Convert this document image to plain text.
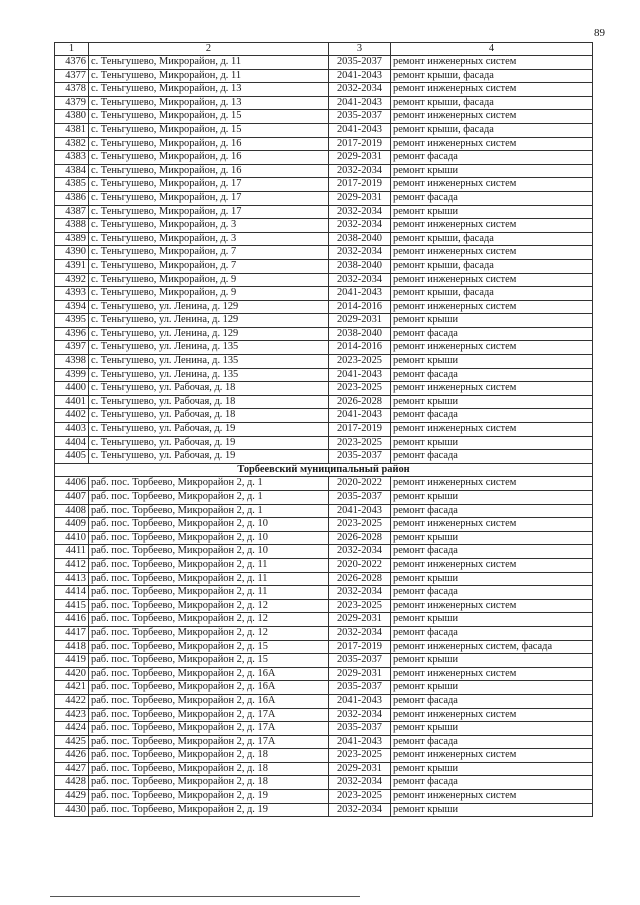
89
1	2	3	4
4376	с. Теньгушево, Микрорайон, д. 11	2035-2037	ремонт инженерных систем
4377	с. Теньгушево, Микрорайон, д. 11	2041-2043	ремонт крыши, фасада
4378	с. Теньгушево, Микрорайон, д. 13	2032-2034	ремонт инженерных систем
4379	с. Теньгушево, Микрорайон, д. 13	2041-2043	ремонт крыши, фасада
4380	с. Теньгушево, Микрорайон, д. 15	2035-2037	ремонт инженерных систем
4381	с. Теньгушево, Микрорайон, д. 15	2041-2043	ремонт крыши, фасада
4382	с. Теньгушево, Микрорайон, д. 16	2017-2019	ремонт инженерных систем
4383	с. Теньгушево, Микрорайон, д. 16	2029-2031	ремонт фасада
4384	с. Теньгушево, Микрорайон, д. 16	2032-2034	ремонт крыши
4385	с. Теньгушево, Микрорайон, д. 17	2017-2019	ремонт инженерных систем
4386	с. Теньгушево, Микрорайон, д. 17	2029-2031	ремонт фасада
4387	с. Теньгушево, Микрорайон, д. 17	2032-2034	ремонт крыши
4388	с. Теньгушево, Микрорайон, д. 3	2032-2034	ремонт инженерных систем
4389	с. Теньгушево, Микрорайон, д. 3	2038-2040	ремонт крыши, фасада
4390	с. Теньгушево, Микрорайон, д. 7	2032-2034	ремонт инженерных систем
4391	с. Теньгушево, Микрорайон, д. 7	2038-2040	ремонт крыши, фасада
4392	с. Теньгушево, Микрорайон, д. 9	2032-2034	ремонт инженерных систем
4393	с. Теньгушево, Микрорайон, д. 9	2041-2043	ремонт крыши, фасада
4394	с. Теньгушево, ул. Ленина, д. 129	2014-2016	ремонт инженерных систем
4395	с. Теньгушево, ул. Ленина, д. 129	2029-2031	ремонт крыши
4396	с. Теньгушево, ул. Ленина, д. 129	2038-2040	ремонт фасада
4397	с. Теньгушево, ул. Ленина, д. 135	2014-2016	ремонт инженерных систем
4398	с. Теньгушево, ул. Ленина, д. 135	2023-2025	ремонт крыши
4399	с. Теньгушево, ул. Ленина, д. 135	2041-2043	ремонт фасада
4400	с. Теньгушево, ул. Рабочая, д. 18	2023-2025	ремонт инженерных систем
4401	с. Теньгушево, ул. Рабочая, д. 18	2026-2028	ремонт крыши
4402	с. Теньгушево, ул. Рабочая, д. 18	2041-2043	ремонт фасада
4403	с. Теньгушево, ул. Рабочая, д. 19	2017-2019	ремонт инженерных систем
4404	с. Теньгушево, ул. Рабочая, д. 19	2023-2025	ремонт крыши
4405	с. Теньгушево, ул. Рабочая, д. 19	2035-2037	ремонт фасада
Торбеевский муниципальный район			
4406	раб. пос. Торбеево, Микрорайон 2, д. 1	2020-2022	ремонт инженерных систем
4407	раб. пос. Торбеево, Микрорайон 2, д. 1	2035-2037	ремонт крыши
4408	раб. пос. Торбеево, Микрорайон 2, д. 1	2041-2043	ремонт фасада
4409	раб. пос. Торбеево, Микрорайон 2, д. 10	2023-2025	ремонт инженерных систем
4410	раб. пос. Торбеево, Микрорайон 2, д. 10	2026-2028	ремонт крыши
4411	раб. пос. Торбеево, Микрорайон 2, д. 10	2032-2034	ремонт фасада
4412	раб. пос. Торбеево, Микрорайон 2, д. 11	2020-2022	ремонт инженерных систем
4413	раб. пос. Торбеево, Микрорайон 2, д. 11	2026-2028	ремонт крыши
4414	раб. пос. Торбеево, Микрорайон 2, д. 11	2032-2034	ремонт фасада
4415	раб. пос. Торбеево, Микрорайон 2, д. 12	2023-2025	ремонт инженерных систем
4416	раб. пос. Торбеево, Микрорайон 2, д. 12	2029-2031	ремонт крыши
4417	раб. пос. Торбеево, Микрорайон 2, д. 12	2032-2034	ремонт фасада
4418	раб. пос. Торбеево, Микрорайон 2, д. 15	2017-2019	ремонт инженерных систем, фасада
4419	раб. пос. Торбеево, Микрорайон 2, д. 15	2035-2037	ремонт крыши
4420	раб. пос. Торбеево, Микрорайон 2, д. 16А	2029-2031	ремонт инженерных систем
4421	раб. пос. Торбеево, Микрорайон 2, д. 16А	2035-2037	ремонт крыши
4422	раб. пос. Торбеево, Микрорайон 2, д. 16А	2041-2043	ремонт фасада
4423	раб. пос. Торбеево, Микрорайон 2, д. 17А	2032-2034	ремонт инженерных систем
4424	раб. пос. Торбеево, Микрорайон 2, д. 17А	2035-2037	ремонт крыши
4425	раб. пос. Торбеево, Микрорайон 2, д. 17А	2041-2043	ремонт фасада
4426	раб. пос. Торбеево, Микрорайон 2, д. 18	2023-2025	ремонт инженерных систем
4427	раб. пос. Торбеево, Микрорайон 2, д. 18	2029-2031	ремонт крыши
4428	раб. пос. Торбеево, Микрорайон 2, д. 18	2032-2034	ремонт фасада
4429	раб. пос. Торбеево, Микрорайон 2, д. 19	2023-2025	ремонт инженерных систем
4430	раб. пос. Торбеево, Микрорайон 2, д. 19	2032-2034	ремонт крыши
